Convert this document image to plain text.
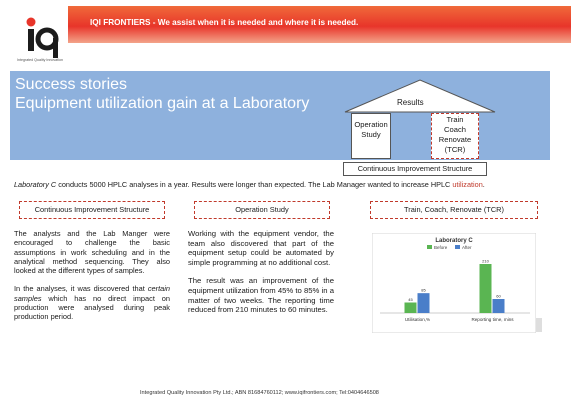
Integrated Quality Innovation
IQI FRONTIERS - We assist when it is needed and where it is needed.
Success stories
Equipment utilization gain at a Laboratory	Results
Operation
Study
Train
Coach
Renovate
(TCR)
Continuous Improvement Structure
Laboratory C conducts 5000 HPLC analyses in a year. Results were longer than expected. The Lab Manager wanted to increase HPLC utilization.
Continuous Improvement Structure	Operation Study	Train, Coach, Renovate (TCR)

The analysts and the Lab Manger were encouraged to challenge the basic assumptions in work scheduling and in the analytical method sequencing. They also looked at the different types of samples.

In the analyses, it was discovered that certain samples which has no direct impact on production were analysed during peak production period.

Working with the equipment vendor, the team also discovered that part of the equipment setup could be automated by simple programming at no additional cost.

The result was an improvement of the equipment utilization from 45% to 85% in a matter of two weeks. The reporting time reduced from 210 minutes to 60 minutes.

Laboratory C
Before	After
45
85
Utilisation,%
210
60
Reporting time, mins
Integrated Quality Innovation Pty Ltd.; ABN 81684760112; www.iqifrontiers.com; Tel:0404646508
